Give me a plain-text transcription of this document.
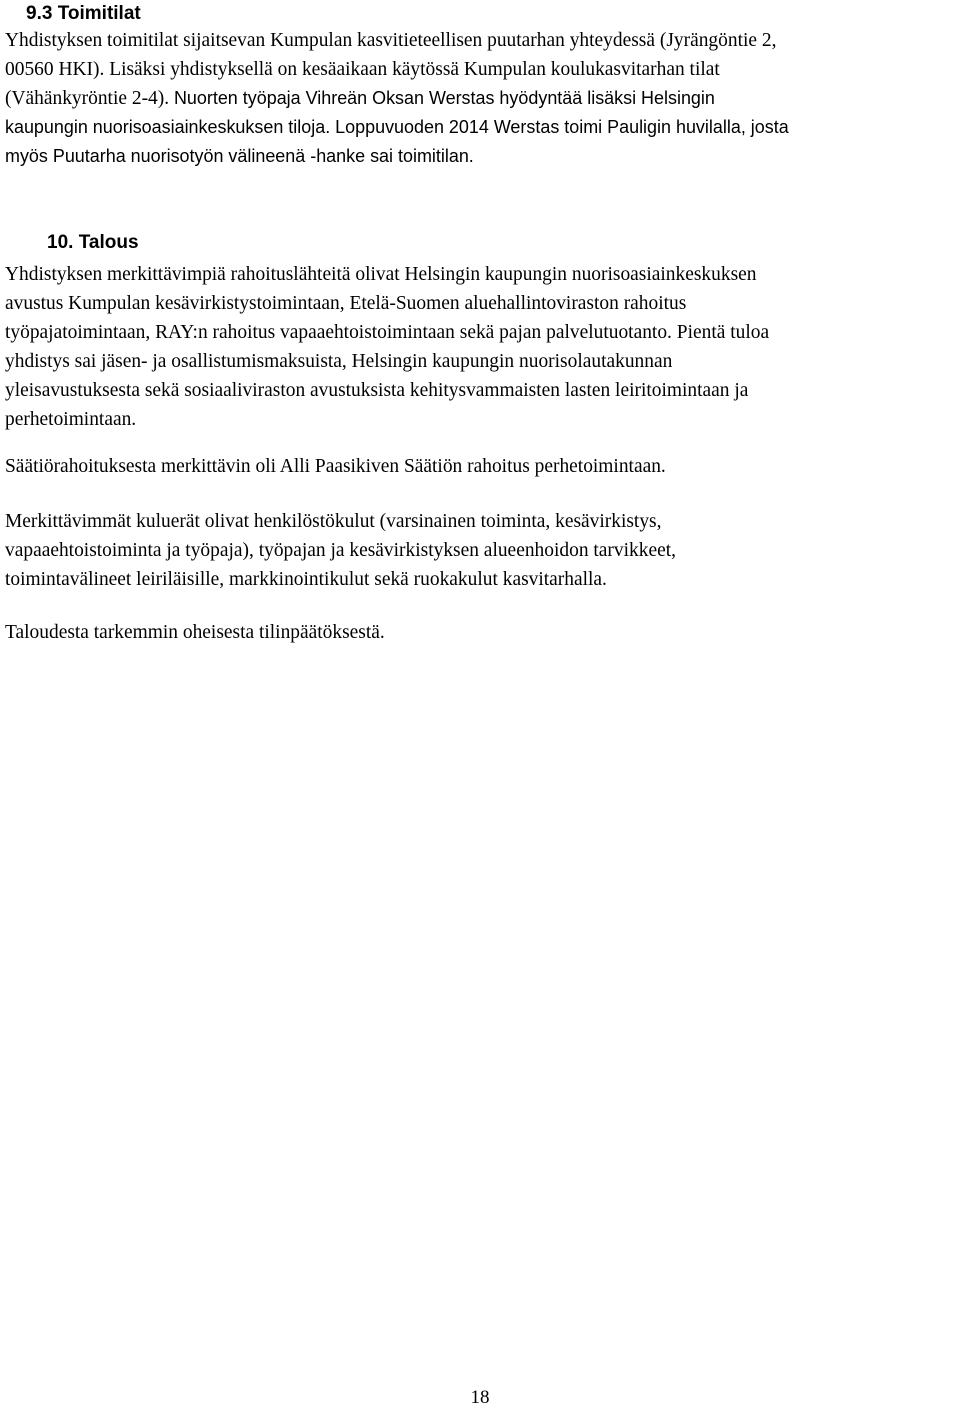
9.3 Toimitilat
Yhdistyksen toimitilat sijaitsevan Kumpulan kasvitieteellisen puutarhan yhteydessä (Jyrängöntie 2,
00560 HKI). Lisäksi yhdistyksellä on kesäaikaan käytössä Kumpulan koulukasvitarhan tilat
(Vähänkyröntie 2-4). Nuorten työpaja Vihreän Oksan Werstas hyödyntää lisäksi Helsingin
kaupungin nuorisoasiainkeskuksen tiloja. Loppuvuoden 2014 Werstas toimi Pauligin huvilalla, josta
myös Puutarha nuorisotyön välineenä -hanke sai toimitilan.
10. Talous
Yhdistyksen merkittävimpiä rahoituslähteitä olivat Helsingin kaupungin nuorisoasiainkeskuksen
avustus Kumpulan kesävirkistystoimintaan, Etelä-Suomen aluehallintoviraston rahoitus
työpajatoimintaan, RAY:n rahoitus vapaaehtoistoimintaan sekä pajan palvelutuotanto. Pientä tuloa
yhdistys sai jäsen- ja osallistumismaksuista, Helsingin kaupungin nuorisolautakunnan
yleisavustuksesta sekä sosiaaliviraston avustuksista kehitysvammaisten lasten leiritoimintaan ja
perhetoimintaan.
Säätiörahoituksesta merkittävin oli Alli Paasikiven Säätiön rahoitus perhetoimintaan.
Merkittävimmät kuluerät olivat henkilöstökulut (varsinainen toiminta, kesävirkistys,
vapaaehtoistoiminta ja työpaja), työpajan ja kesävirkistyksen alueenhoidon tarvikkeet,
toimintavälineet leiriläisille, markkinointikulut sekä ruokakulut kasvitarhalla.
Taloudesta tarkemmin oheisesta tilinpäätöksestä.
18
